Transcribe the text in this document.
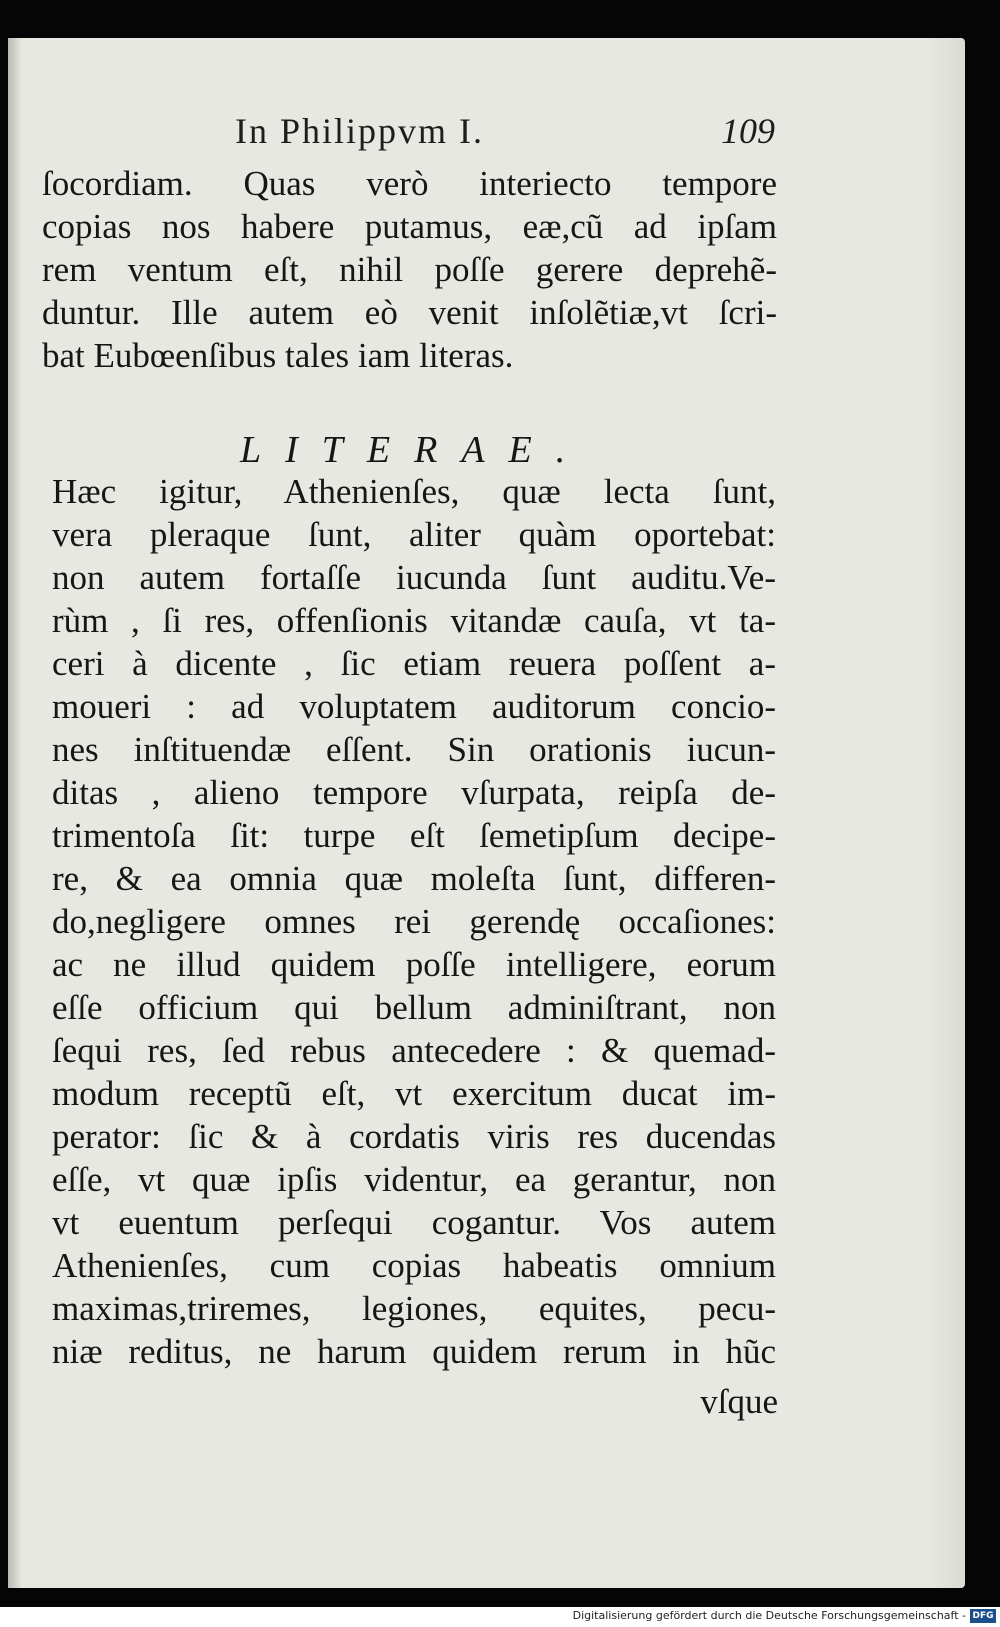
In Philippvm I.	109
ſocordiam. Quas verò interiecto tempore
copias nos habere putamus, eæ,cũ ad ipſam
rem ventum eſt, nihil poſſe gerere deprehẽ-
duntur. Ille autem eò venit inſolẽtiæ,vt ſcri-
bat Eubœenſibus tales iam literas.
LITERAE.
Hæc igitur, Athenienſes, quæ lecta ſunt,
vera pleraque ſunt, aliter quàm oportebat:
non autem fortaſſe iucunda ſunt auditu.Ve-
rùm , ſi res, offenſionis vitandæ cauſa, vt ta-
ceri à dicente , ſic etiam reuera poſſent a-
moueri : ad voluptatem auditorum concio-
nes inſtituendæ eſſent. Sin orationis iucun-
ditas , alieno tempore vſurpata, reipſa de-
trimentoſa ſit: turpe eſt ſemetipſum decipe-
re, & ea omnia quæ moleſta ſunt, differen-
do,negligere omnes rei gerendę occaſiones:
ac ne illud quidem poſſe intelligere, eorum
eſſe officium qui bellum adminiſtrant, non
ſequi res, ſed rebus antecedere : & quemad-
modum receptũ eſt, vt exercitum ducat im-
perator: ſic & à cordatis viris res ducendas
eſſe, vt quæ ipſis videntur, ea gerantur, non
vt euentum perſequi cogantur. Vos autem
Athenienſes, cum copias habeatis omnium
maximas,triremes, legiones, equites, pecu-
niæ reditus, ne harum quidem rerum in hũc
vſque
Digitalisierung gefördert durch die Deutsche Forschungsgemeinschaft - DFG
